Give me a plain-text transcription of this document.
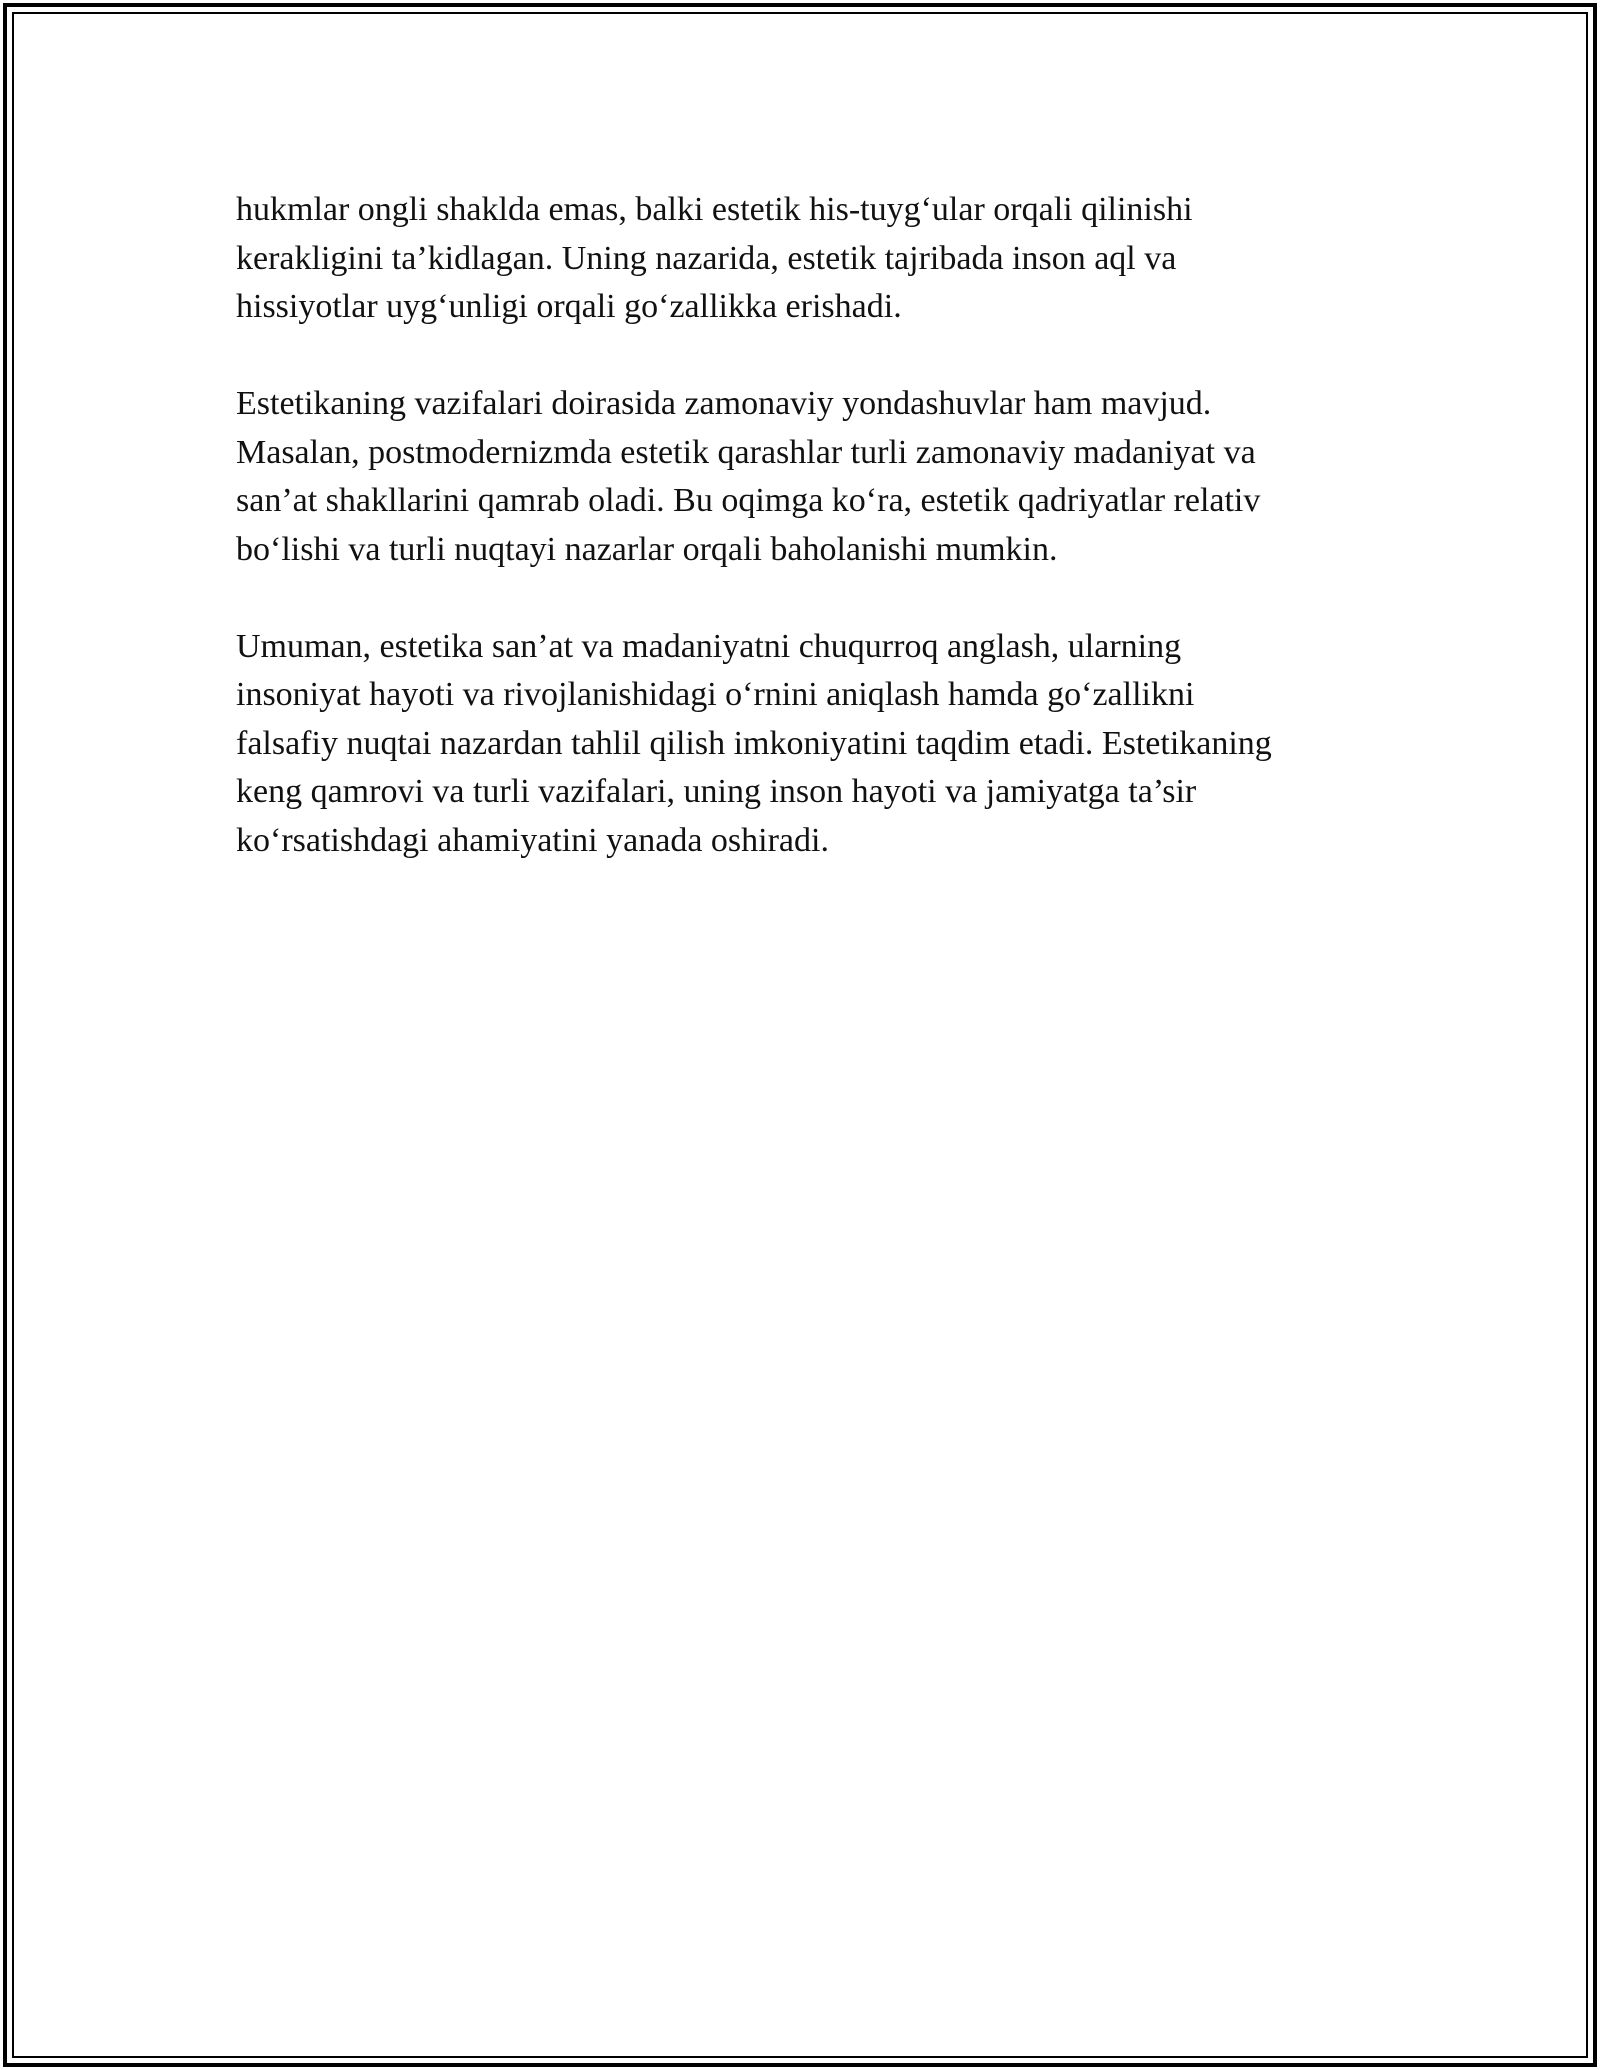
hukmlar ongli shaklda emas, balki estetik his-tuyg‘ular orqali qilinishi
kerakligini ta’kidlagan. Uning nazarida, estetik tajribada inson aql va
hissiyotlar uyg‘unligi orqali go‘zallikka erishadi.

Estetikaning vazifalari doirasida zamonaviy yondashuvlar ham mavjud.
Masalan, postmodernizmda estetik qarashlar turli zamonaviy madaniyat va
san’at shakllarini qamrab oladi. Bu oqimga ko‘ra, estetik qadriyatlar relativ
bo‘lishi va turli nuqtayi nazarlar orqali baholanishi mumkin.

Umuman, estetika san’at va madaniyatni chuqurroq anglash, ularning
insoniyat hayoti va rivojlanishidagi o‘rnini aniqlash hamda go‘zallikni
falsafiy nuqtai nazardan tahlil qilish imkoniyatini taqdim etadi. Estetikaning
keng qamrovi va turli vazifalari, uning inson hayoti va jamiyatga ta’sir
ko‘rsatishdagi ahamiyatini yanada oshiradi.
